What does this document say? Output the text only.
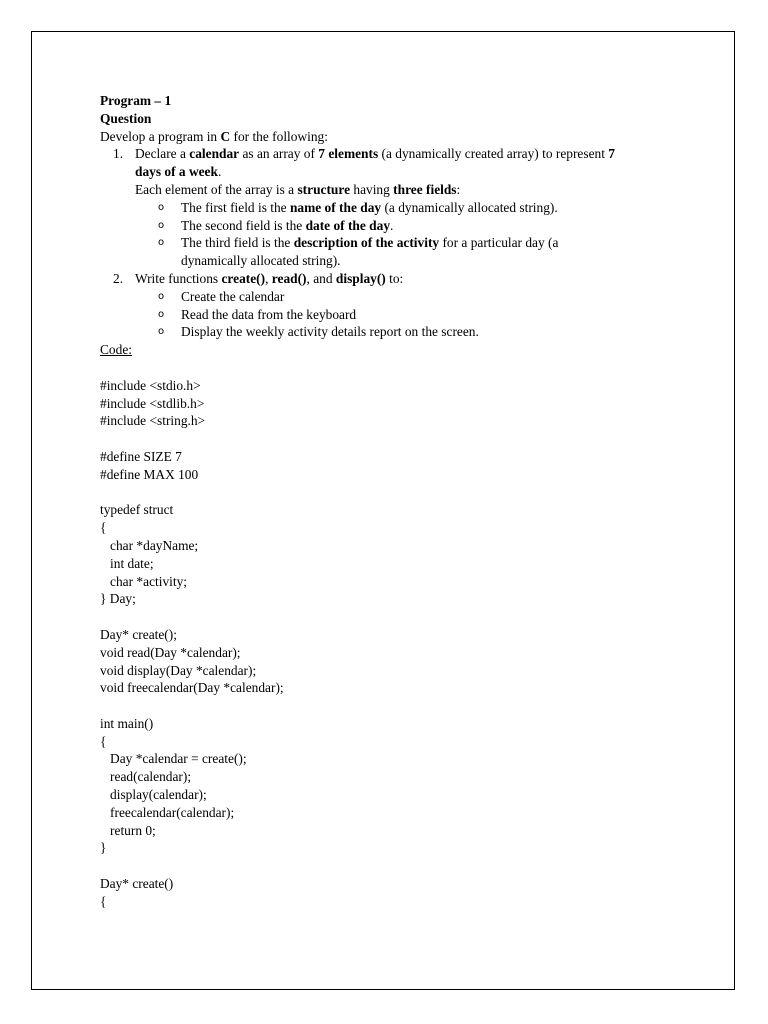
Program – 1
Question
Develop a program in C for the following:
1. Declare a calendar as an array of 7 elements (a dynamically created array) to represent 7
days of a week.
Each element of the array is a structure having three fields:
o The first field is the name of the day (a dynamically allocated string).
o The second field is the date of the day.
o The third field is the description of the activity for a particular day (a
dynamically allocated string).
2. Write functions create(), read(), and display() to:
o Create the calendar
o Read the data from the keyboard
o Display the weekly activity details report on the screen.
Code:
#include <stdio.h>
#include <stdlib.h>
#include <string.h>
#define SIZE 7
#define MAX 100
typedef struct
{
char *dayName;
int date;
char *activity;
} Day;
Day* create();
void read(Day *calendar);
void display(Day *calendar);
void freecalendar(Day *calendar);
int main()
{
Day *calendar = create();
read(calendar);
display(calendar);
freecalendar(calendar);
return 0;
}
Day* create()
{
